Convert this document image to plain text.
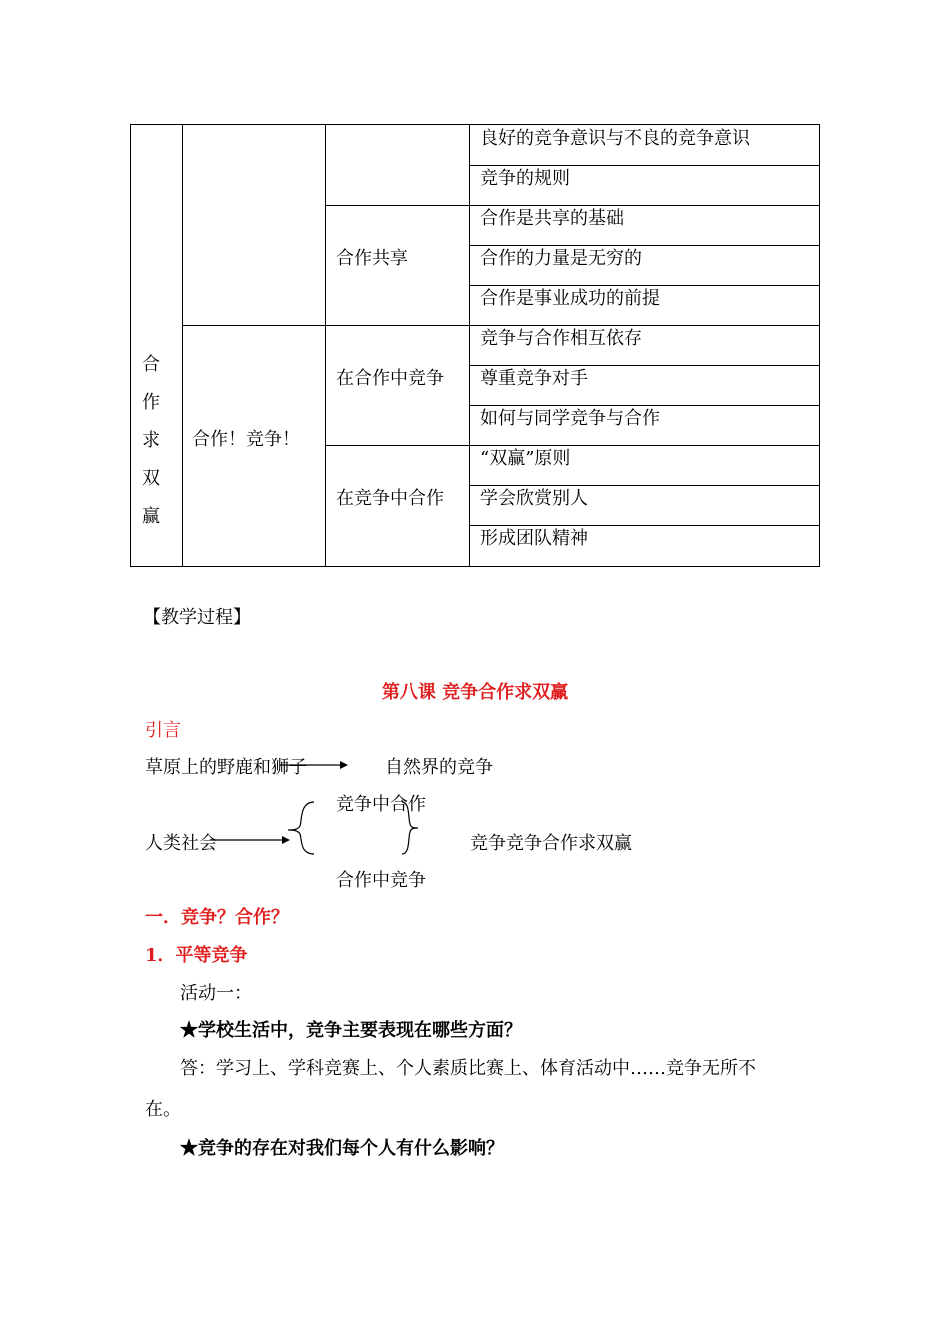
合
作
求
双
赢
合作！竞争！
合作共享
在合作中竞争
在竞争中合作
良好的竞争意识与不良的竞争意识
竞争的规则
合作是共享的基础
合作的力量是无穷的
合作是事业成功的前提
竞争与合作相互依存
尊重竞争对手
如何与同学竞争与合作
“双赢”原则
学会欣赏别人
形成团队精神
【教学过程】
第八课 竞争合作求双赢
引言
草原上的野鹿和狮子	自然界的竞争
竞争中合作
人类社会	竞争竞争合作求双赢
合作中竞争
一．竞争？合作？
1．平等竞争
活动一：
★学校生活中，竞争主要表现在哪些方面？
答：学习上、学科竞赛上、个人素质比赛上、体育活动中……竞争无所不
在。
★竞争的存在对我们每个人有什么影响？
